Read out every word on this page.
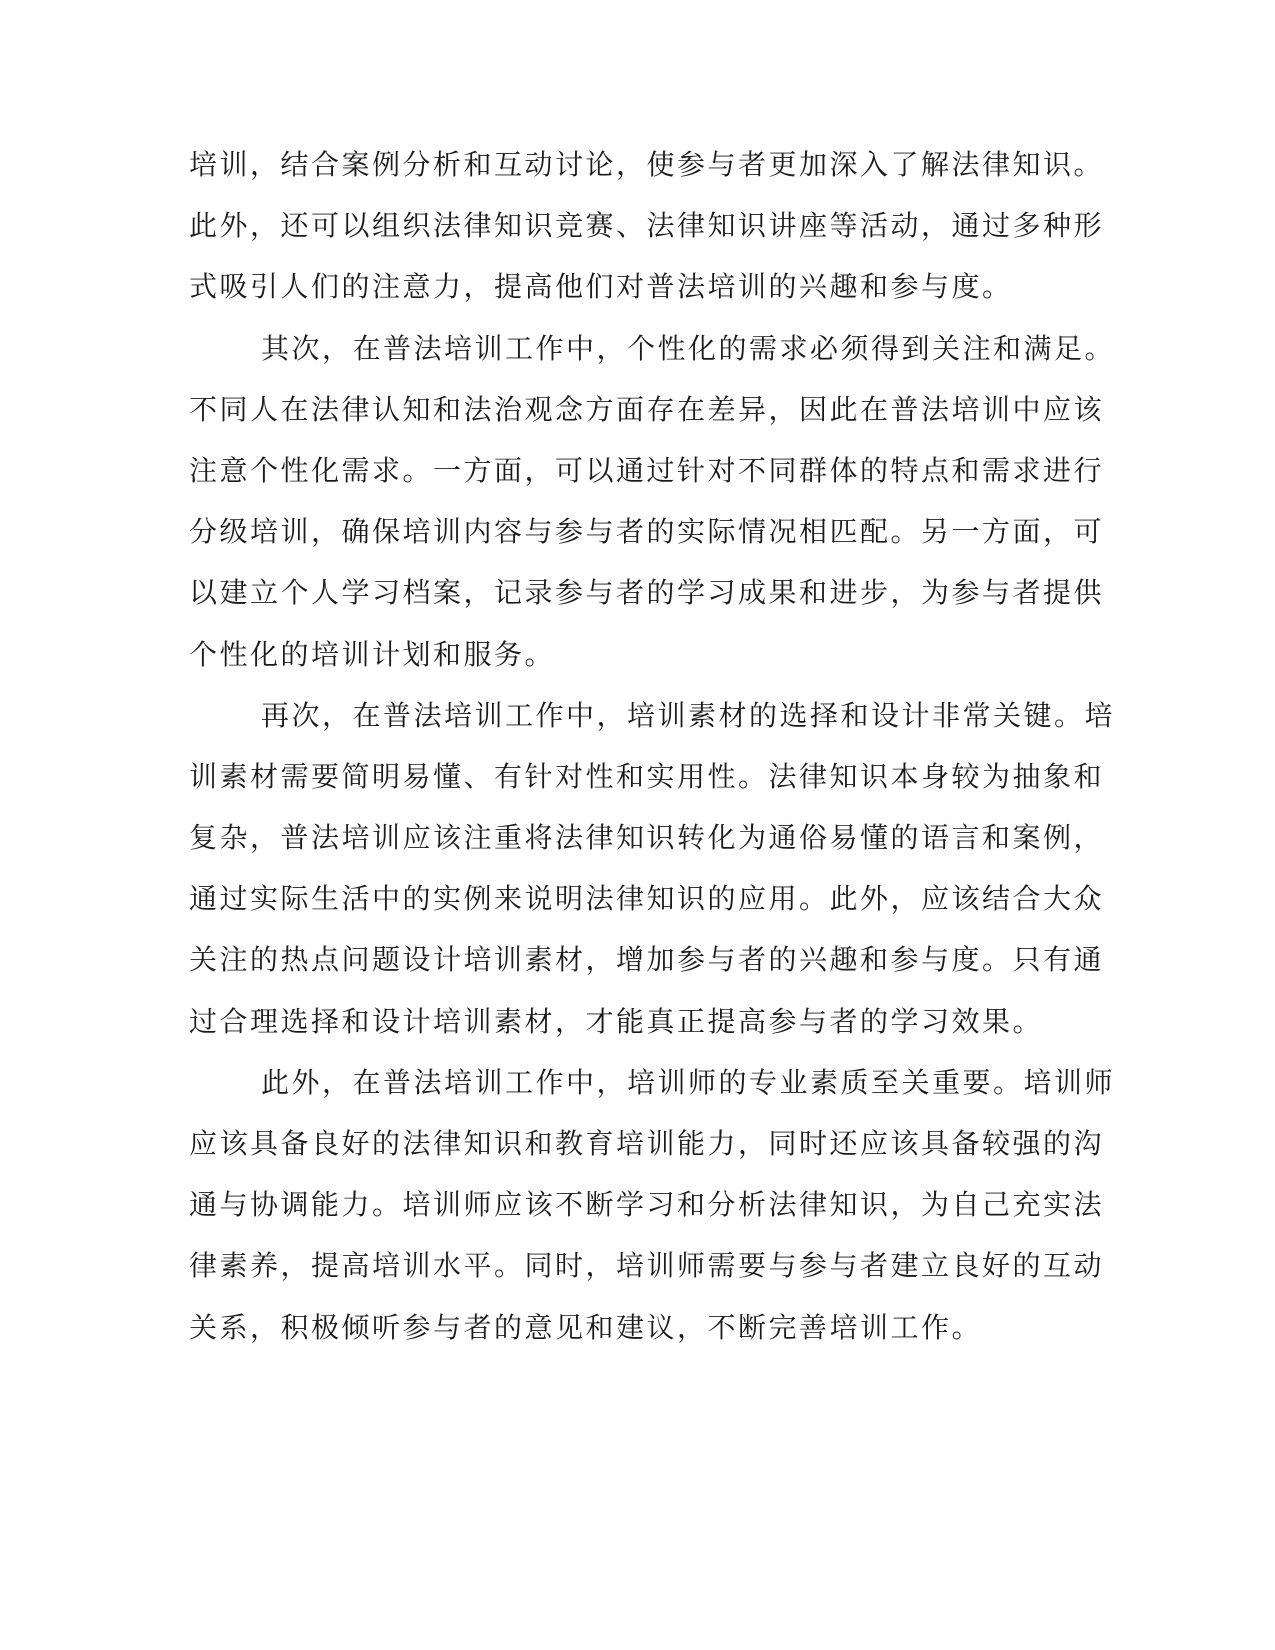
培训，结合案例分析和互动讨论，使参与者更加深入了解法律知识。
此外，还可以组织法律知识竞赛、法律知识讲座等活动，通过多种形
式吸引人们的注意力，提高他们对普法培训的兴趣和参与度。
其次，在普法培训工作中，个性化的需求必须得到关注和满足。
不同人在法律认知和法治观念方面存在差异，因此在普法培训中应该
注意个性化需求。一方面，可以通过针对不同群体的特点和需求进行
分级培训，确保培训内容与参与者的实际情况相匹配。另一方面，可
以建立个人学习档案，记录参与者的学习成果和进步，为参与者提供
个性化的培训计划和服务。
再次，在普法培训工作中，培训素材的选择和设计非常关键。培
训素材需要简明易懂、有针对性和实用性。法律知识本身较为抽象和
复杂，普法培训应该注重将法律知识转化为通俗易懂的语言和案例，
通过实际生活中的实例来说明法律知识的应用。此外，应该结合大众
关注的热点问题设计培训素材，增加参与者的兴趣和参与度。只有通
过合理选择和设计培训素材，才能真正提高参与者的学习效果。
此外，在普法培训工作中，培训师的专业素质至关重要。培训师
应该具备良好的法律知识和教育培训能力，同时还应该具备较强的沟
通与协调能力。培训师应该不断学习和分析法律知识，为自己充实法
律素养，提高培训水平。同时，培训师需要与参与者建立良好的互动
关系，积极倾听参与者的意见和建议，不断完善培训工作。
